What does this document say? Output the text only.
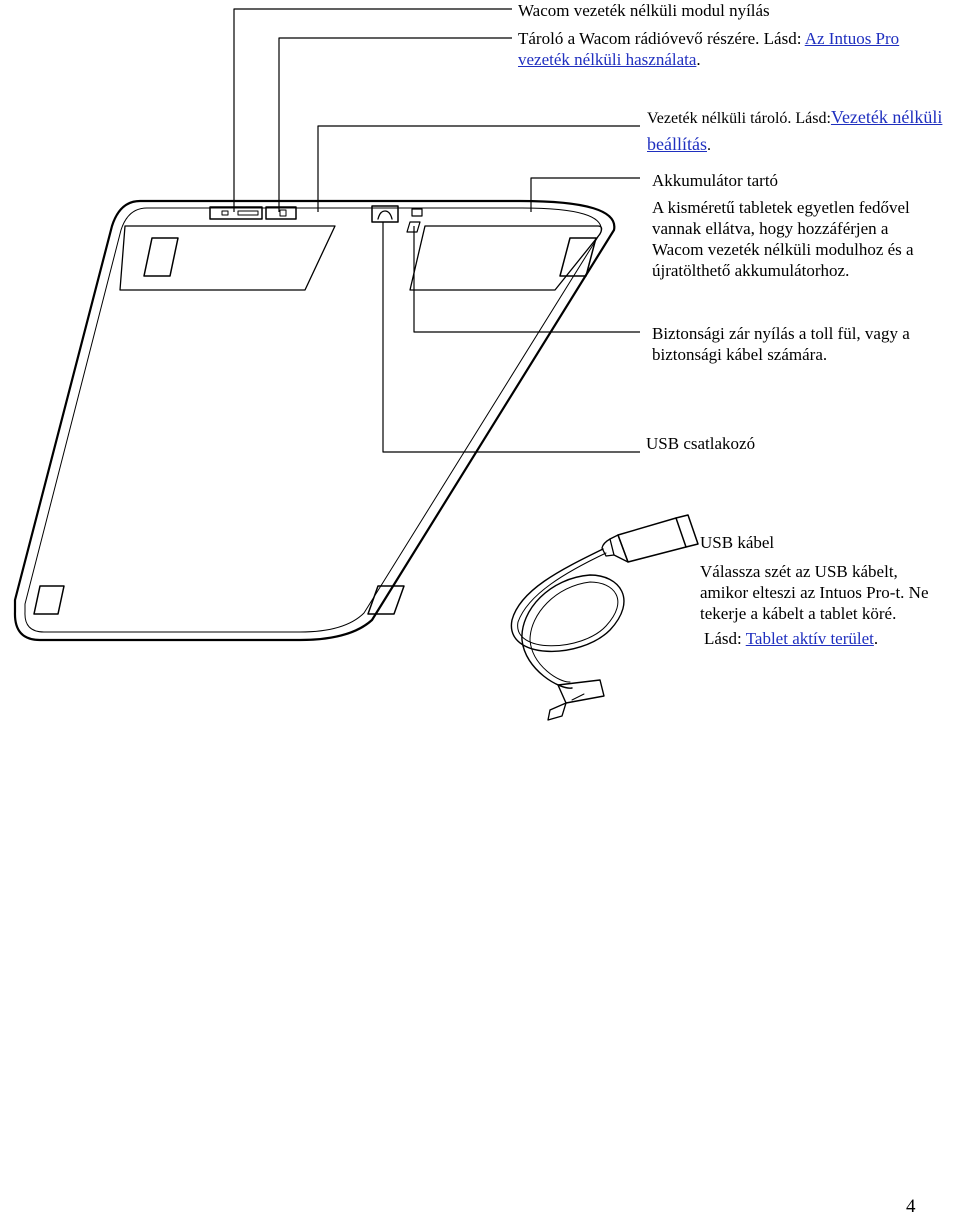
Wacom vezeték nélküli modul nyílás
Tároló a Wacom rádióvevő részére. Lásd: Az Intuos Pro
vezeték nélküli használata.
Vezeték nélküli tároló. Lásd:Vezeték nélküli
beállítás.
Akkumulátor tartó
A kisméretű tabletek egyetlen fedővel
vannak ellátva, hogy hozzáférjen a
Wacom vezeték nélküli modulhoz és a
újratölthető akkumulátorhoz.
Biztonsági zár nyílás a toll fül, vagy a
biztonsági kábel számára.
USB csatlakozó
USB kábel
Válassza szét az USB kábelt,
amikor elteszi az Intuos Pro-t. Ne
tekerje a kábelt a tablet köré.
Lásd: Tablet aktív terület.
4
